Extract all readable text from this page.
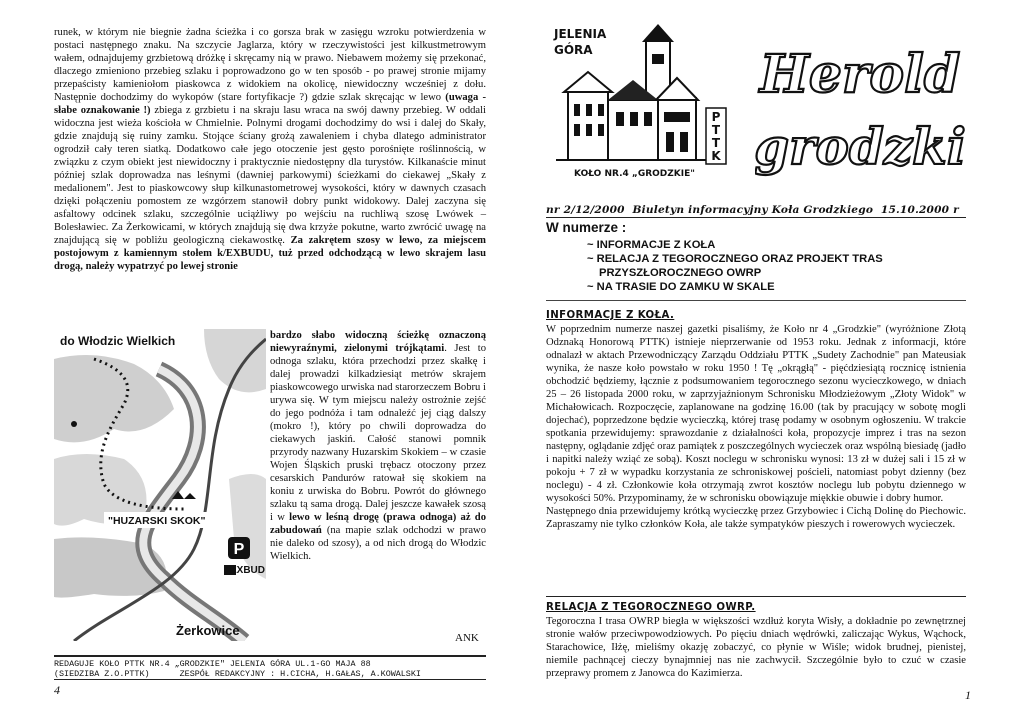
runek, w którym nie biegnie żadna ścieżka i co gorsza brak w zasięgu wzroku potwierdzenia w postaci następnego znaku. Na szczycie Jaglarza, który w rzeczywistości jest kilkustmetrowym wałem, odnajdujemy grzbietową dróżkę i skręcamy nią w prawo. Niebawem możemy się przekonać, dlaczego zmieniono przebieg szlaku i poprowadzono go w ten sposób - po prawej stronie mijamy przepaścisty kamieniołom piaskowca z widokiem na okolicę, niewidoczny wcześniej z dołu. Następnie dochodzimy do wykopów (stare fortyfikacje ?) gdzie szlak skręcając w lewo (uwaga - słabe oznakowanie !) zbiega z grzbietu i na skraju lasu wraca na swój dawny przebieg. W oddali widoczna jest wieża kościoła w Chmielnie. Polnymi drogami dochodzimy do wsi i dalej do Skały, gdzie znajdują się ruiny zamku. Stojące ściany grożą zawaleniem i chyba dlatego administrator ogrodził cały teren siatką. Dodatkowo całe jego otoczenie jest gęsto porośnięte roślinnością, w związku z czym obiekt jest niewidoczny i praktycznie niedostępny dla turystów. Kilkanaście minut później szlak doprowadza nas leśnymi (dawniej parkowymi) ścieżkami do ciekawej „Skały z medalionem". Jest to piaskowcowy słup kilkunastometrowej wysokości, który w dawnych czasach dzięki połączeniu pomostem ze wzgórzem stanowił dobry punkt widokowy. Dalej zaczyna się asfaltowy odcinek szlaku, szczególnie uciążliwy po wejściu na ruchliwą szosę Lwówek – Bolesławiec. Za Żerkowicami, w których znajdują się dwa krzyże pokutne, warto zwrócić uwagę na znajdującą się w pobliżu geologiczną ciekawostkę. Za zakrętem szosy w lewo, za miejscem postojowym z kamiennym stołem k/EXBUDU, tuż przed odchodzącą w lewo skrajem lasu drogą, należy wypatrzyć po lewej stronie
P
do Włodzic Wielkich
"HUZARSKI SKOK"
EXBUD
Żerkowice
bardzo słabo widoczną ścieżkę oznaczoną niewyraźnymi, zielonymi trójkątami. Jest to odnoga szlaku, która przechodzi przez skałkę i dalej prowadzi kilkadziesiąt metrów skrajem piaskowcowego urwiska nad starorzeczem Bobru i urywa się. W tym miejscu należy ostrożnie zejść do jego podnóża i tam odnaleźć jej ciąg dalszy (mokro !), który po chwili doprowadza do ciekawych jaskiń. Całość stanowi pomnik przyrody nazwany Huzarskim Skokiem – w czasie Wojen Śląskich pruski trębacz otoczony przez cesarskich Pandurów ratował się skokiem na koniu z urwiska do Bobru. Powrót do głównego szlaku tą sama drogą. Dalej jeszcze kawałek szosą i w lewo w leśną drogę (prawa odnoga) aż do zabudowań (na mapie szlak odchodzi w prawo nie daleko od szosy), a od nich drogą do Włodzic Wielkich.
ANK
REDAGUJE KOŁO PTTK NR.4 „GRODZKIE" JELENIA GÓRA UL.1-GO MAJA 88
(SIEDZIBA Z.O.PTTK)      ZESPÓŁ REDAKCYJNY : H.CICHA, H.GAŁAS, A.KOWALSKI
4
JELENIA
GÓRA
P
T
T
K
KOŁO NR.4 „GRODZKIE"
Herold
grodzki
nr 2/12/2000  Biuletyn informacyjny Koła Grodzkiego  15.10.2000 r
W numerze :
~ INFORMACJE Z KOŁA
~ RELACJA Z TEGOROCZNEGO ORAZ PROJEKT TRAS
PRZYSZŁOROCZNEGO OWRP
~ NA TRASIE DO ZAMKU W SKALE
INFORMACJE Z KOŁA.
W poprzednim numerze naszej gazetki pisaliśmy, że Koło nr 4 „Grodzkie" (wyróżnione Złotą Odznaką Honorową PTTK) istnieje nieprzerwanie od 1953 roku. Jednak z informacji, które odnalazł w aktach Przewodniczący Zarządu Oddziału PTTK „Sudety Zachodnie" pan Mateusiak wynika, że nasze koło powstało w roku 1950 ! Tę „okrągłą" - pięćdziesiątą rocznicę istnienia obchodzić będziemy, łącznie z podsumowaniem tegorocznego sezonu wycieczkowego, w dniach 25 – 26 listopada 2000 roku, w zaprzyjaźnionym Schronisku Młodzieżowym „Złoty Widok" w Michałowicach. Rozpoczęcie, zaplanowane na godzinę 16.00 (tak by pracujący w sobotę mogli dojechać), poprzedzone będzie wycieczką, której trasę podamy w osobnym ogłoszeniu. W trakcie spotkania przewidujemy: sprawozdanie z działalności koła, propozycje imprez i tras na sezon następny, oglądanie zdjęć oraz pamiątek z poszczególnych wycieczek oraz wspólną biesiadę (jadło i napitki należy wziąć ze sobą). Koszt noclegu w schronisku wynosi: 13 zł w dużej sali i 15 zł w pokoju + 7 zł w wypadku korzystania ze schroniskowej pościeli, natomiast pobyt dzienny (bez noclegu) - 4 zł. Członkowie koła otrzymają zwrot kosztów noclegu lub pobytu dziennego w wysokości 50%. Przypominamy, że w schronisku obowiązuje miękkie obuwie i dobry humor.
Następnego dnia przewidujemy krótką wycieczkę przez Grzybowiec i Cichą Dolinę do Piechowic. Zapraszamy nie tylko członków Koła, ale także sympatyków pieszych i rowerowych wycieczek.
RELACJA Z TEGOROCZNEGO OWRP.
Tegoroczna I trasa OWRP biegła w większości wzdłuż koryta Wisły, a dokładnie po zewnętrznej stronie wałów przeciwpowodziowych. Po pięciu dniach wędrówki, zaliczając Wykus, Wąchock, Starachowice, Iłżę, mieliśmy okazję zobaczyć, co płynie w Wiśle; widok brudnej, pienistej, niemile pachnącej cieczy bynajmniej nas nie zachwycił. Szczególnie było to czuć w czasie przeprawy promem z Janowca do Kazimierza.
1
